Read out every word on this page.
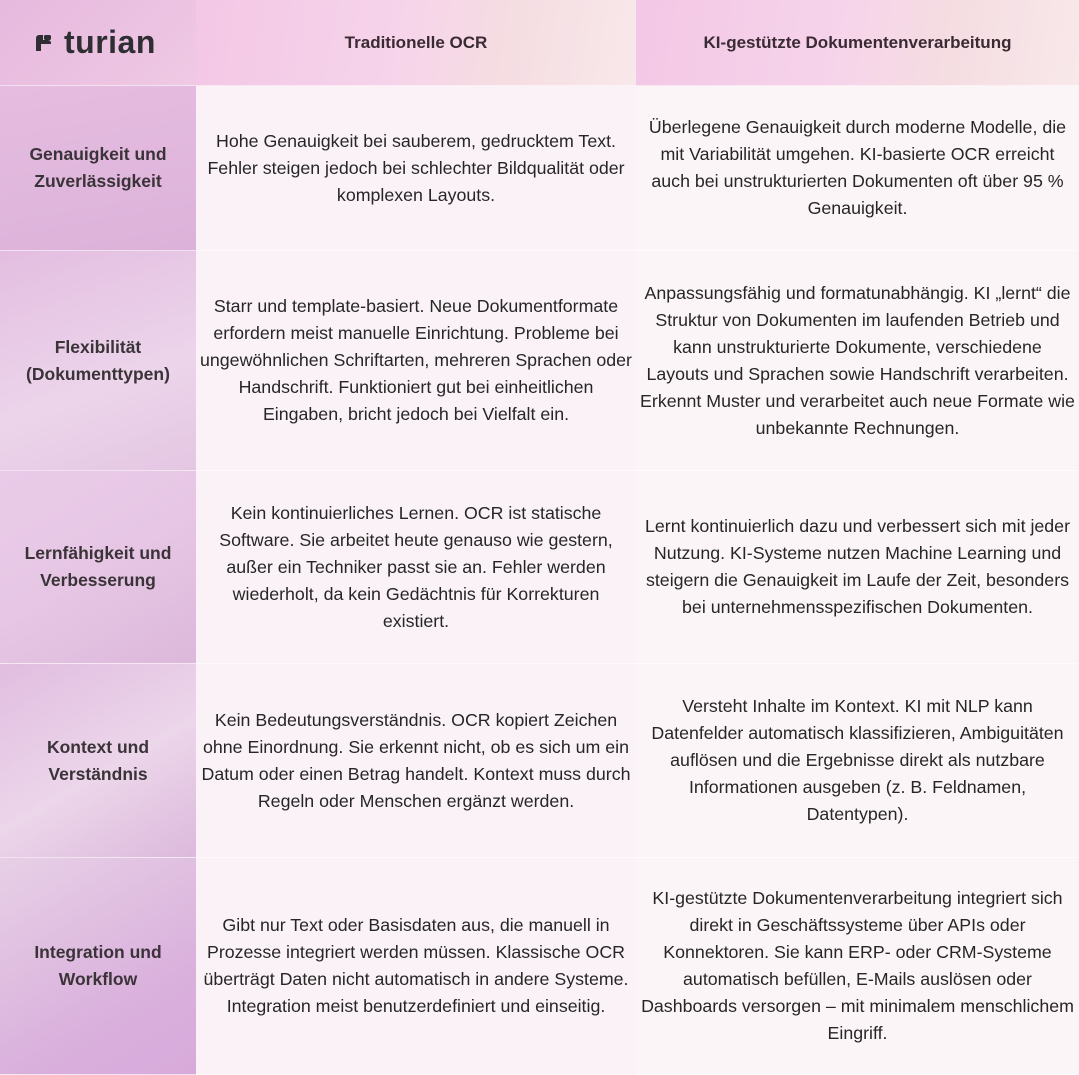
turian	Traditionelle OCR	KI-gestützte Dokumentenverarbeitung
Genauigkeit und Zuverlässigkeit
Hohe Genauigkeit bei sauberem, gedrucktem Text. Fehler steigen jedoch bei schlechter Bildqualität oder komplexen Layouts.
Überlegene Genauigkeit durch moderne Modelle, die mit Variabilität umgehen. KI-basierte OCR erreicht auch bei unstrukturierten Dokumenten oft über 95 % Genauigkeit.
Flexibilität (Dokumenttypen)
Starr und template-basiert. Neue Dokumentformate erfordern meist manuelle Einrichtung. Probleme bei ungewöhnlichen Schriftarten, mehreren Sprachen oder Handschrift. Funktioniert gut bei einheitlichen Eingaben, bricht jedoch bei Vielfalt ein.
Anpassungsfähig und formatunabhängig. KI „lernt“ die Struktur von Dokumenten im laufenden Betrieb und kann unstrukturierte Dokumente, verschiedene Layouts und Sprachen sowie Handschrift verarbeiten. Erkennt Muster und verarbeitet auch neue Formate wie unbekannte Rechnungen.
Lernfähigkeit und Verbesserung
Kein kontinuierliches Lernen. OCR ist statische Software. Sie arbeitet heute genauso wie gestern, außer ein Techniker passt sie an. Fehler werden wiederholt, da kein Gedächtnis für Korrekturen existiert.
Lernt kontinuierlich dazu und verbessert sich mit jeder Nutzung. KI-Systeme nutzen Machine Learning und steigern die Genauigkeit im Laufe der Zeit, besonders bei unternehmensspezifischen Dokumenten.
Kontext und Verständnis
Kein Bedeutungsverständnis. OCR kopiert Zeichen ohne Einordnung. Sie erkennt nicht, ob es sich um ein Datum oder einen Betrag handelt. Kontext muss durch Regeln oder Menschen ergänzt werden.
Versteht Inhalte im Kontext. KI mit NLP kann Datenfelder automatisch klassifizieren, Ambiguitäten auflösen und die Ergebnisse direkt als nutzbare Informationen ausgeben (z. B. Feldnamen, Datentypen).
Integration und Workflow
Gibt nur Text oder Basisdaten aus, die manuell in Prozesse integriert werden müssen. Klassische OCR überträgt Daten nicht automatisch in andere Systeme. Integration meist benutzerdefiniert und einseitig.
KI-gestützte Dokumentenverarbeitung integriert sich direkt in Geschäftssysteme über APIs oder Konnektoren. Sie kann ERP- oder CRM-Systeme automatisch befüllen, E-Mails auslösen oder Dashboards versorgen – mit minimalem menschlichem Eingriff.
